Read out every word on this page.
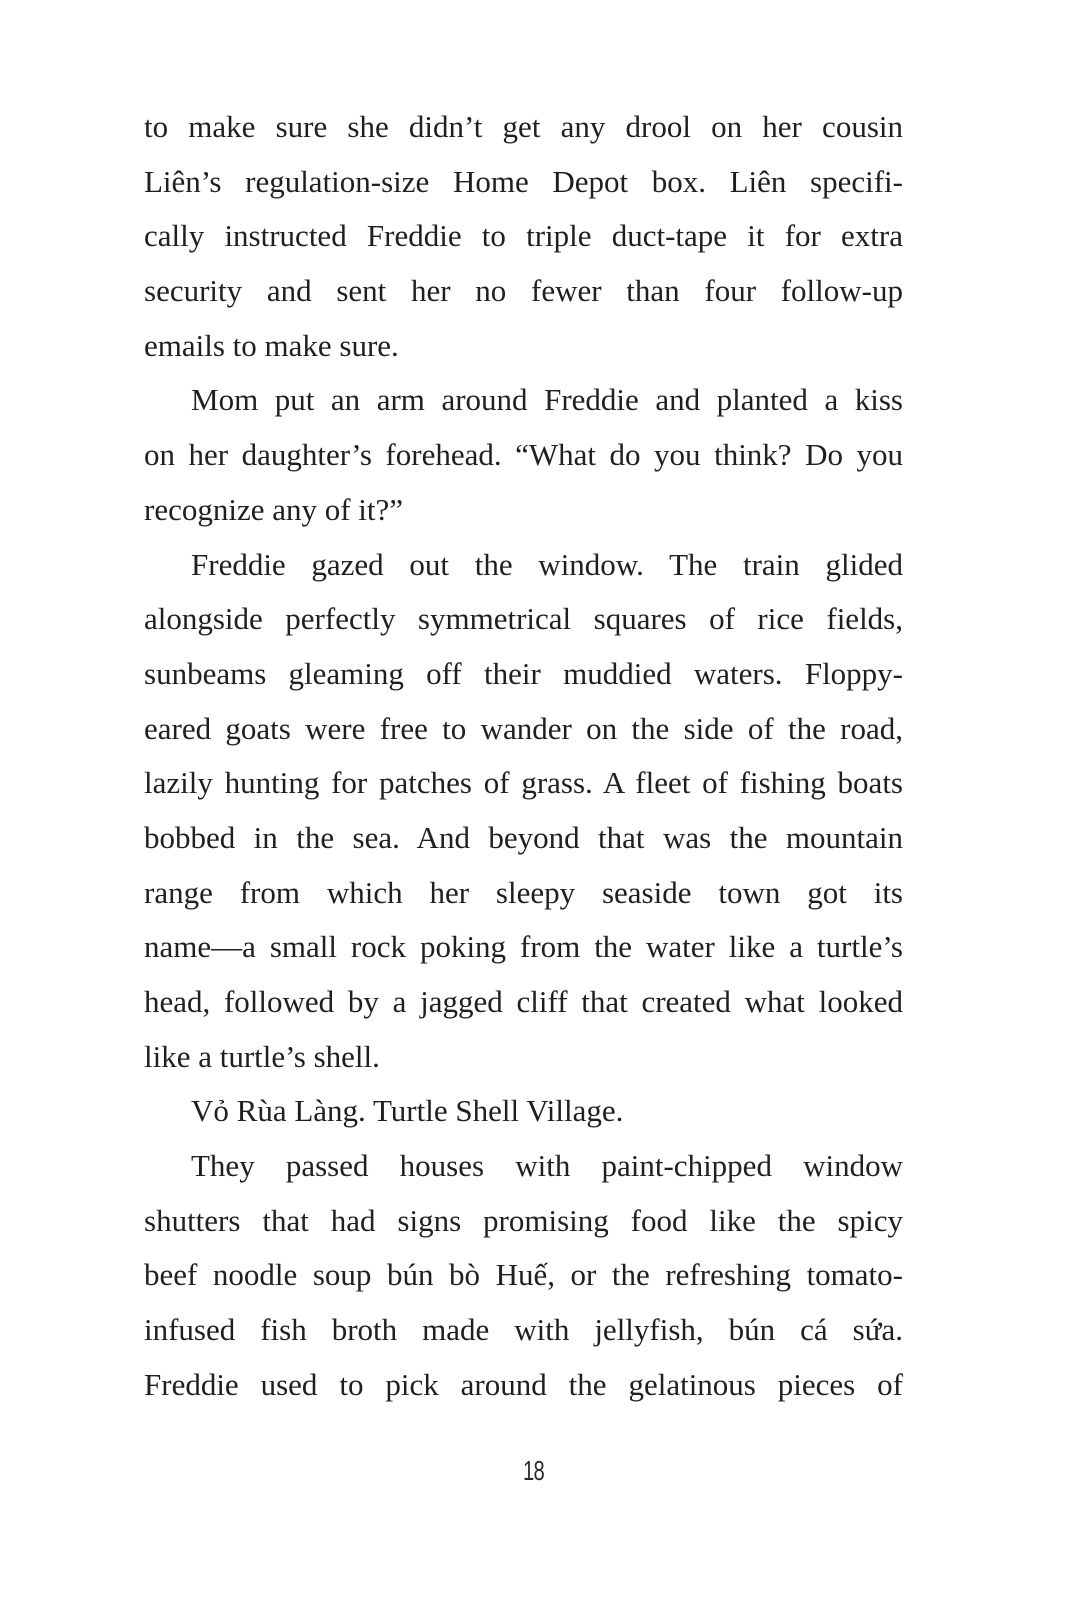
to make sure she didn’t get any drool on her cousin
Liên’s regulation-size Home Depot box. Liên specifi-
cally instructed Freddie to triple duct-tape it for extra
security and sent her no fewer than four follow-up
emails to make sure.
Mom put an arm around Freddie and planted a kiss
on her daughter’s forehead. “What do you think? Do you
recognize any of it?”
Freddie gazed out the window. The train glided
alongside perfectly symmetrical squares of rice fields,
sunbeams gleaming off their muddied waters. Floppy-
eared goats were free to wander on the side of the road,
lazily hunting for patches of grass. A fleet of fishing boats
bobbed in the sea. And beyond that was the mountain
range from which her sleepy seaside town got its
name—a small rock poking from the water like a turtle’s
head, followed by a jagged cliff that created what looked
like a turtle’s shell.
Vỏ Rùa Làng. Turtle Shell Village.
They passed houses with paint-chipped window
shutters that had signs promising food like the spicy
beef noodle soup bún bò Huế, or the refreshing tomato-
infused fish broth made with jellyfish, bún cá sứa.
Freddie used to pick around the gelatinous pieces of
18
